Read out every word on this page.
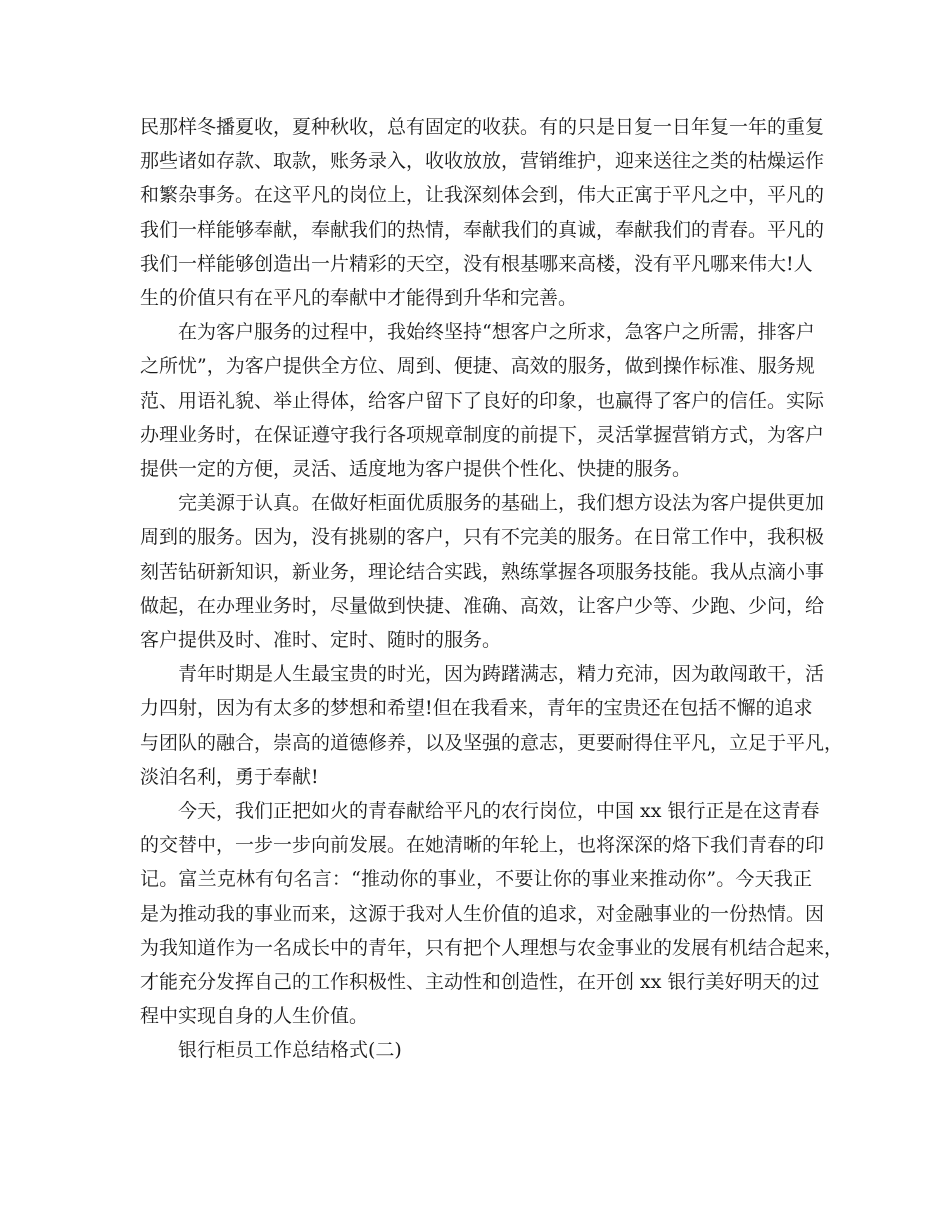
民那样冬播夏收，夏种秋收，总有固定的收获。有的只是日复一日年复一年的重复
那些诸如存款、取款，账务录入，收收放放，营销维护，迎来送往之类的枯燥运作
和繁杂事务。在这平凡的岗位上，让我深刻体会到，伟大正寓于平凡之中，平凡的
我们一样能够奉献，奉献我们的热情，奉献我们的真诚，奉献我们的青春。平凡的
我们一样能够创造出一片精彩的天空，没有根基哪来高楼，没有平凡哪来伟大!人
生的价值只有在平凡的奉献中才能得到升华和完善。
在为客户服务的过程中，我始终坚持“想客户之所求，急客户之所需，排客户
之所忧”，为客户提供全方位、周到、便捷、高效的服务，做到操作标准、服务规
范、用语礼貌、举止得体，给客户留下了良好的印象，也赢得了客户的信任。实际
办理业务时，在保证遵守我行各项规章制度的前提下，灵活掌握营销方式，为客户
提供一定的方便，灵活、适度地为客户提供个性化、快捷的服务。
完美源于认真。在做好柜面优质服务的基础上，我们想方设法为客户提供更加
周到的服务。因为，没有挑剔的客户，只有不完美的服务。在日常工作中，我积极
刻苦钻研新知识，新业务，理论结合实践，熟练掌握各项服务技能。我从点滴小事
做起，在办理业务时，尽量做到快捷、准确、高效，让客户少等、少跑、少问，给
客户提供及时、准时、定时、随时的服务。
青年时期是人生最宝贵的时光，因为踌躇满志，精力充沛，因为敢闯敢干，活
力四射，因为有太多的梦想和希望!但在我看来，青年的宝贵还在包括不懈的追求
与团队的融合，崇高的道德修养，以及坚强的意志，更要耐得住平凡，立足于平凡，
淡泊名利，勇于奉献!
今天，我们正把如火的青春献给平凡的农行岗位，中国 xx 银行正是在这青春
的交替中，一步一步向前发展。在她清晰的年轮上，也将深深的烙下我们青春的印
记。富兰克林有句名言：“推动你的事业，不要让你的事业来推动你”。今天我正
是为推动我的事业而来，这源于我对人生价值的追求，对金融事业的一份热情。因
为我知道作为一名成长中的青年，只有把个人理想与农金事业的发展有机结合起来，
才能充分发挥自己的工作积极性、主动性和创造性，在开创 xx 银行美好明天的过
程中实现自身的人生价值。
银行柜员工作总结格式(二)
